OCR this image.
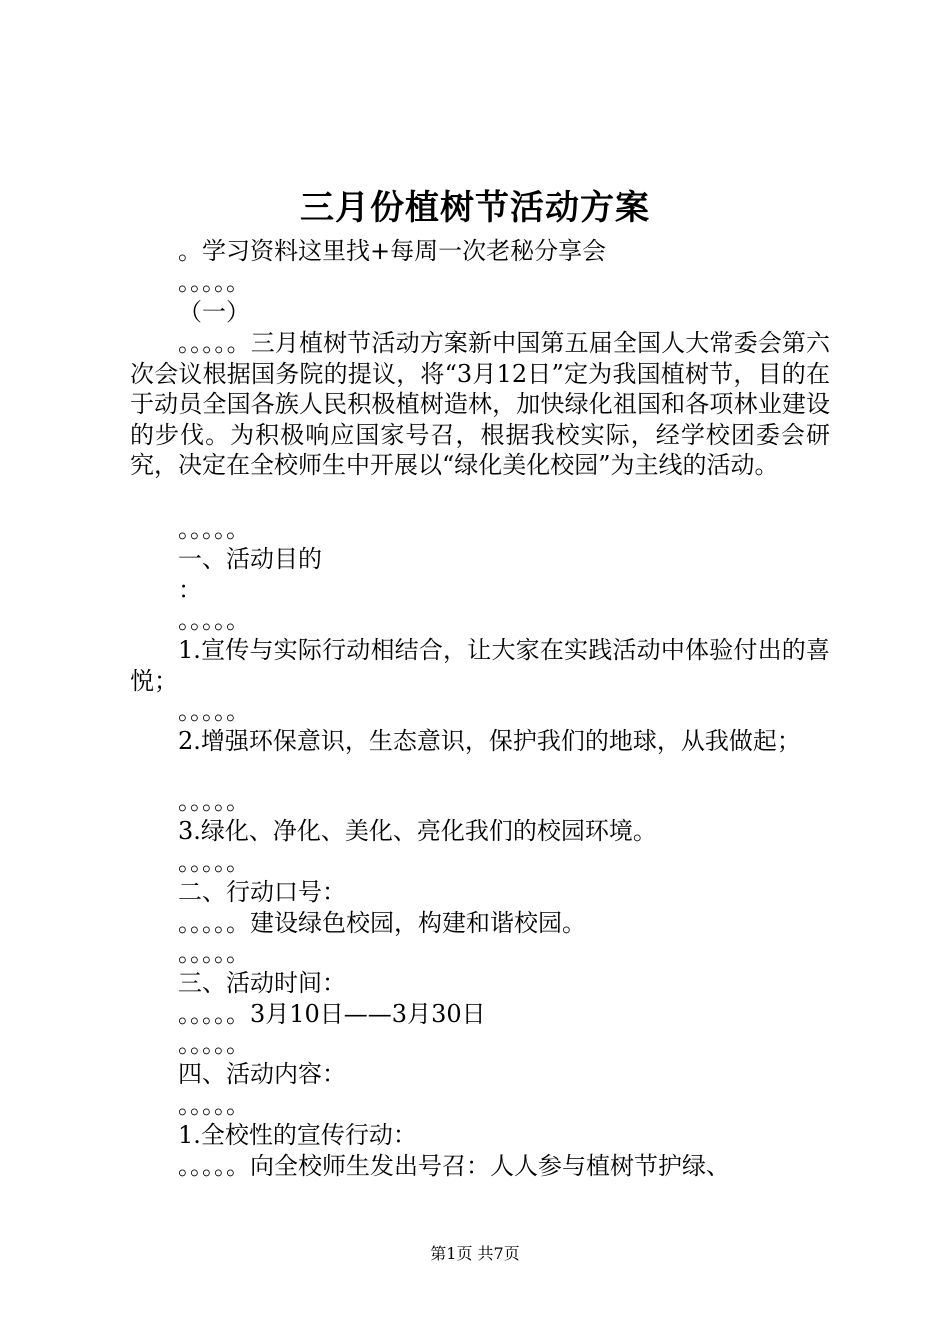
三月份植树节活动方案
。学习资料这里找+每周一次老秘分享会
。。。。。
（一）
。。。。。三月植树节活动方案新中国第五届全国人大常委会第六次会议根据国务院的提议，将“3月12日”定为我国植树节，目的在于动员全国各族人民积极植树造林，加快绿化祖国和各项林业建设的步伐。为积极响应国家号召，根据我校实际，经学校团委会研究，决定在全校师生中开展以“绿化美化校园”为主线的活动。
。。。。。
一、活动目的
：
。。。。。
1.宣传与实际行动相结合，让大家在实践活动中体验付出的喜悦；
。。。。。
2.增强环保意识，生态意识，保护我们的地球，从我做起；
。。。。。
3.绿化、净化、美化、亮化我们的校园环境。
。。。。。
二、行动口号：
。。。。。建设绿色校园，构建和谐校园。
。。。。。
三、活动时间：
。。。。。3月10日——3月30日
。。。。。
四、活动内容：
。。。。。
1.全校性的宣传行动：
。。。。。向全校师生发出号召：人人参与植树节护绿、
第1页 共7页
